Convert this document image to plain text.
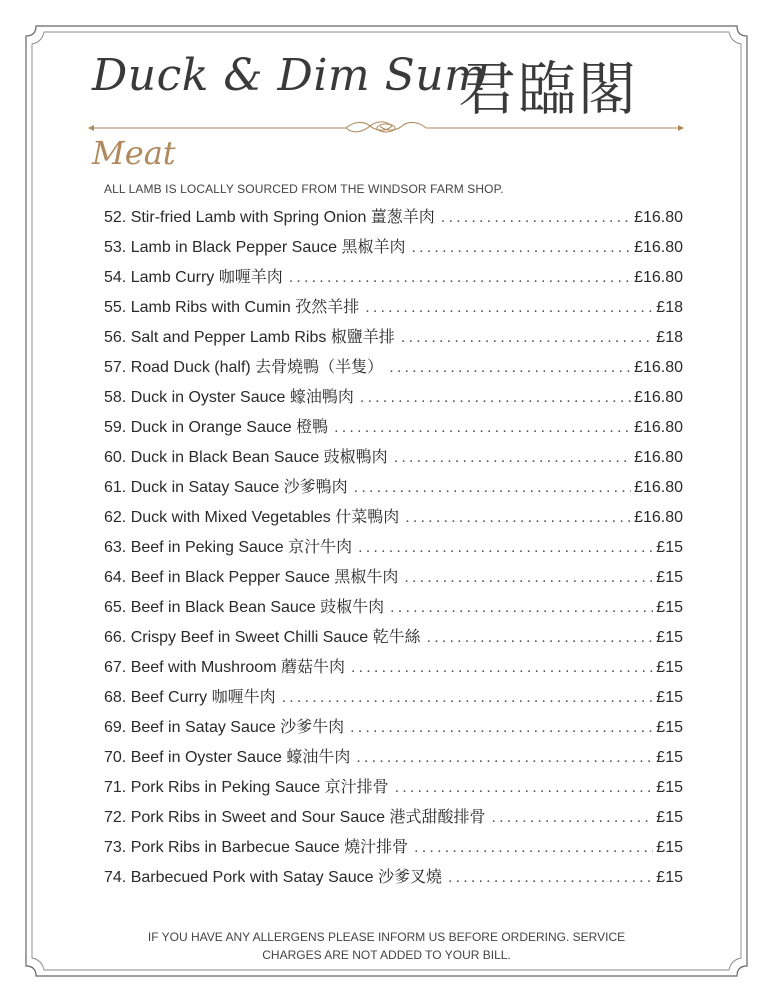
Duck & Dim Sum
君臨閣
Meat
ALL LAMB IS LOCALLY SOURCED FROM THE WINDSOR FARM SHOP.
52. Stir-fried Lamb with Spring Onion 薑葱羊肉 .....	£16.80
53. Lamb in Black Pepper Sauce 黑椒羊肉 .....	£16.80
54. Lamb Curry 咖喱羊肉 .....	£16.80
55. Lamb Ribs with Cumin 孜然羊排 .....	£18
56. Salt and Pepper Lamb Ribs 椒鹽羊排 .....	£18
57. Road Duck (half) 去骨燒鴨（半隻） .....	£16.80
58. Duck in Oyster Sauce 蠔油鴨肉 .....	£16.80
59. Duck in Orange Sauce 橙鴨 .....	£16.80
60. Duck in Black Bean Sauce 豉椒鴨肉 .....	£16.80
61. Duck in Satay Sauce 沙爹鴨肉 .....	£16.80
62. Duck with Mixed Vegetables 什菜鴨肉 .....	£16.80
63. Beef in Peking Sauce 京汁牛肉 .....	£15
64. Beef in Black Pepper Sauce 黑椒牛肉 .....	£15
65. Beef in Black Bean Sauce 豉椒牛肉 .....	£15
66. Crispy Beef in Sweet Chilli Sauce 乾牛絲 .....	£15
67. Beef with Mushroom 蘑菇牛肉 .....	£15
68. Beef Curry 咖喱牛肉 .....	£15
69. Beef in Satay Sauce 沙爹牛肉 .....	£15
70. Beef in Oyster Sauce 蠔油牛肉 .....	£15
71. Pork Ribs in Peking Sauce 京汁排骨 .....	£15
72. Pork Ribs in Sweet and Sour Sauce 港式甜酸排骨 .....	£15
73. Pork Ribs in Barbecue Sauce 燒汁排骨 .....	£15
74. Barbecued Pork with Satay Sauce 沙爹叉燒 .....	£15
IF YOU HAVE ANY ALLERGENS PLEASE INFORM US BEFORE ORDERING. SERVICE
CHARGES ARE NOT ADDED TO YOUR BILL.
